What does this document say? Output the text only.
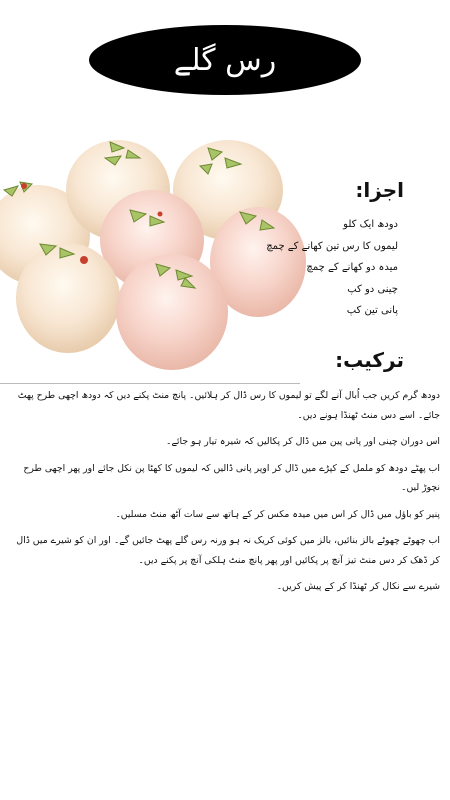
رس گلے
اجزا:
دودھ ایک کلو
لیموں کا رس تین کھانے کے چمچ
میدہ دو کھانے کے چمچ
چینی دو کپ
پانی تین کپ
ترکیب:

دودھ گرم کریں جب اُبال آنے لگے تو لیموں کا رس ڈال کر ہلائیں۔ پانچ منٹ پکنے دیں کہ دودھ اچھی طرح پھٹ جائے۔ اسے دس منٹ ٹھنڈا ہونے دیں۔

اس دوران چینی اور پانی پین میں ڈال کر پکالیں کہ شیرہ تیار ہو جائے۔

اب پھٹے دودھ کو ململ کے کپڑے میں ڈال کر اوپر پانی ڈالیں کہ لیموں کا کھٹا پن نکل جائے اور پھر اچھی طرح نچوڑ لیں۔

پنیر کو باؤل میں ڈال کر اس میں میدہ مکس کر کے ہاتھ سے سات آٹھ منٹ مسلیں۔

اب چھوٹے چھوٹے بالز بنائیں، بالز میں کوئی کریک نہ ہو ورنہ رس گلے پھٹ جائیں گے۔ اور ان کو شیرے میں ڈال کر ڈھک کر دس منٹ تیز آنچ پر پکائیں اور پھر پانچ منٹ ہلکی آنچ پر پکنے دیں۔

شیرے سے نکال کر ٹھنڈا کر کے پیش کریں۔
